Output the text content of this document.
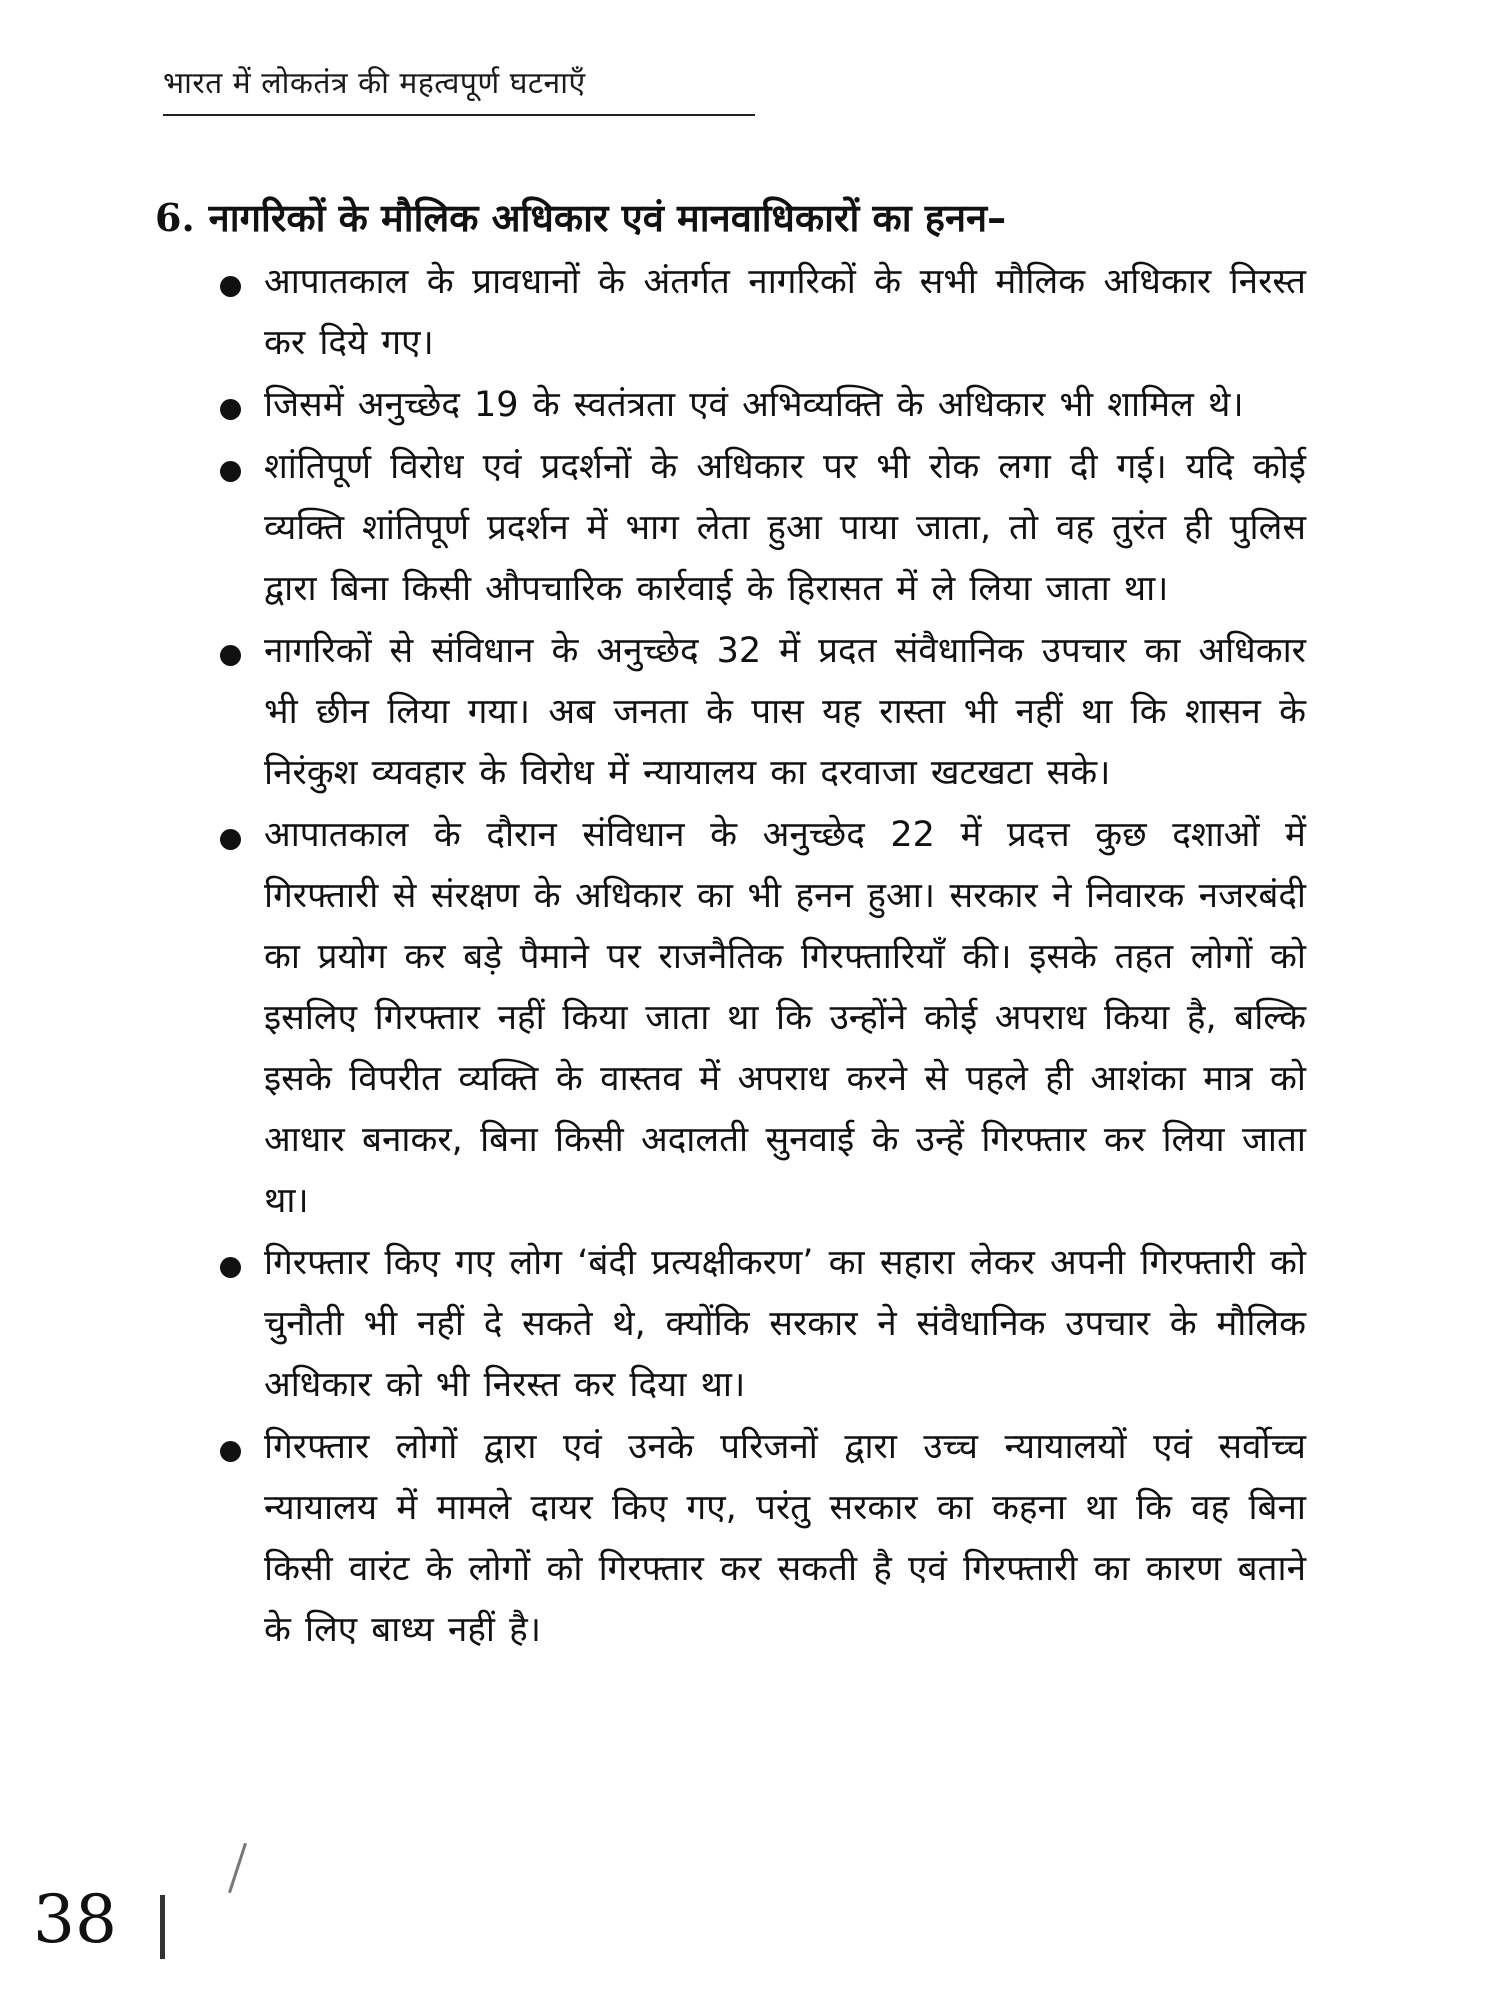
भारत में लोकतंत्र की महत्वपूर्ण घटनाएँ
6. नागरिकों के मौलिक अधिकार एवं मानवाधिकारों का हनन–
आपातकाल के प्रावधानों के अंतर्गत नागरिकों के सभी मौलिक अधिकार निरस्त कर दिये गए।
जिसमें अनुच्छेद 19 के स्वतंत्रता एवं अभिव्यक्ति के अधिकार भी शामिल थे।
शांतिपूर्ण विरोध एवं प्रदर्शनों के अधिकार पर भी रोक लगा दी गई। यदि कोई व्यक्ति शांतिपूर्ण प्रदर्शन में भाग लेता हुआ पाया जाता, तो वह तुरंत ही पुलिस द्वारा बिना किसी औपचारिक कार्रवाई के हिरासत में ले लिया जाता था।
नागरिकों से संविधान के अनुच्छेद 32 में प्रदत संवैधानिक उपचार का अधिकार भी छीन लिया गया। अब जनता के पास यह रास्ता भी नहीं था कि शासन के निरंकुश व्यवहार के विरोध में न्यायालय का दरवाजा खटखटा सके।
आपातकाल के दौरान संविधान के अनुच्छेद 22 में प्रदत्त कुछ दशाओं में गिरफ्तारी से संरक्षण के अधिकार का भी हनन हुआ। सरकार ने निवारक नजरबंदी का प्रयोग कर बड़े पैमाने पर राजनैतिक गिरफ्तारियाँ की। इसके तहत लोगों को इसलिए गिरफ्तार नहीं किया जाता था कि उन्होंने कोई अपराध किया है, बल्कि इसके विपरीत व्यक्ति के वास्तव में अपराध करने से पहले ही आशंका मात्र को आधार बनाकर, बिना किसी अदालती सुनवाई के उन्हें गिरफ्तार कर लिया जाता था।
गिरफ्तार किए गए लोग ‘बंदी प्रत्यक्षीकरण’ का सहारा लेकर अपनी गिरफ्तारी को चुनौती भी नहीं दे सकते थे, क्योंकि सरकार ने संवैधानिक उपचार के मौलिक अधिकार को भी निरस्त कर दिया था।
गिरफ्तार लोगों द्वारा एवं उनके परिजनों द्वारा उच्च न्यायालयों एवं सर्वोच्च न्यायालय में मामले दायर किए गए, परंतु सरकार का कहना था कि वह बिना किसी वारंट के लोगों को गिरफ्तार कर सकती है एवं गिरफ्तारी का कारण बताने के लिए बाध्य नहीं है।
38
